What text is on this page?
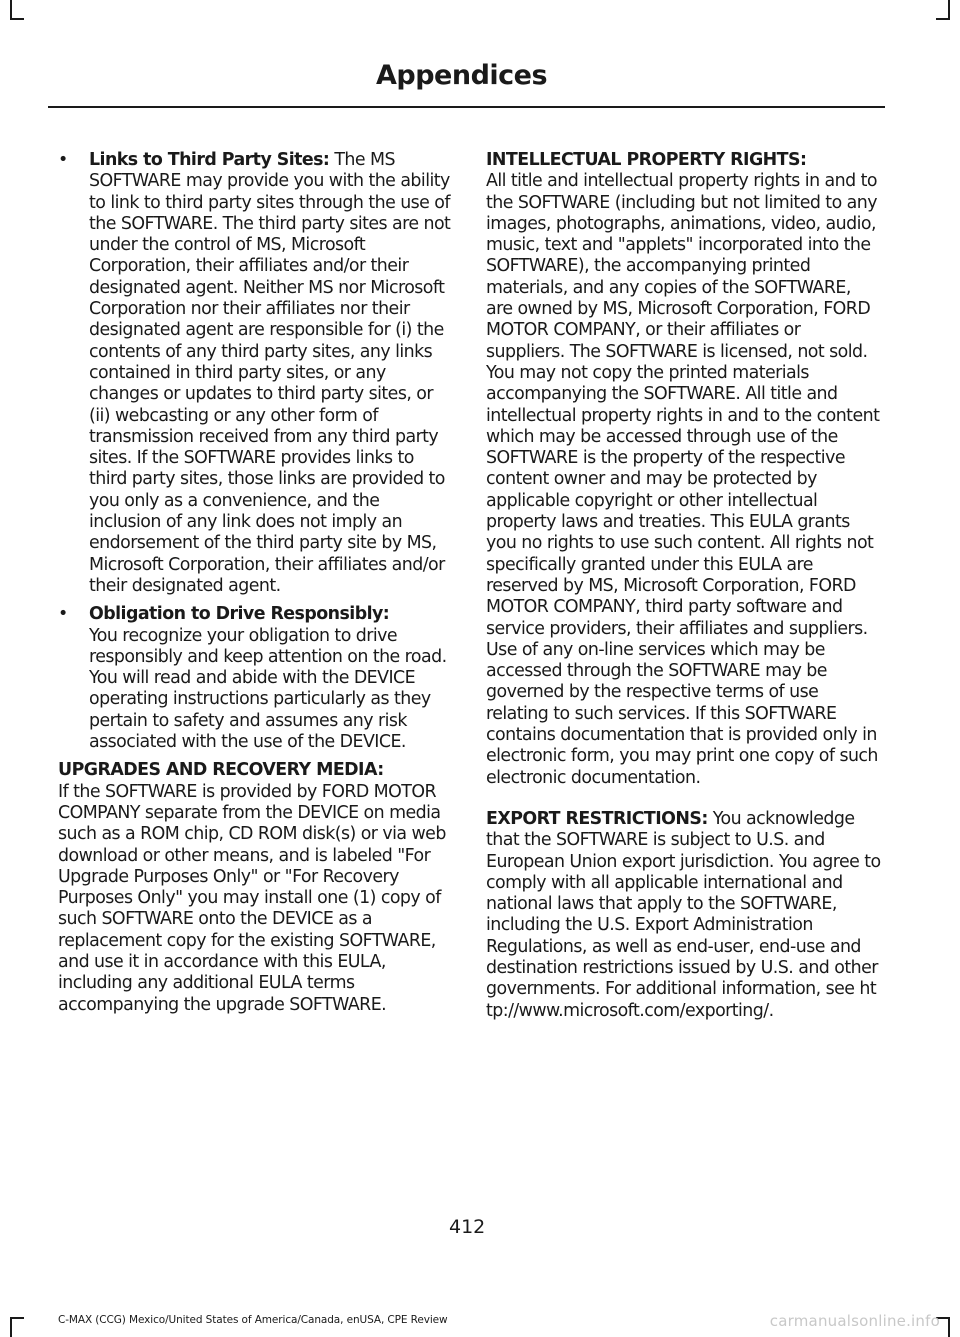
Appendices
• Links to Third Party Sites: The MS SOFTWARE may provide you with the ability to link to third party sites through the use of the SOFTWARE. The third party sites are not under the control of MS, Microsoft Corporation, their affiliates and/or their designated agent. Neither MS nor Microsoft Corporation nor their affiliates nor their designated agent are responsible for (i) the contents of any third party sites, any links contained in third party sites, or any changes or updates to third party sites, or (ii) webcasting or any other form of transmission received from any third party sites. If the SOFTWARE provides links to third party sites, those links are provided to you only as a convenience, and the inclusion of any link does not imply an endorsement of the third party site by MS, Microsoft Corporation, their affiliates and/or their designated agent.
• Obligation to Drive Responsibly:
You recognize your obligation to drive responsibly and keep attention on the road. You will read and abide with the DEVICE operating instructions particularly as they pertain to safety and assumes any risk associated with the use of the DEVICE.
UPGRADES AND RECOVERY MEDIA:
If the SOFTWARE is provided by FORD MOTOR COMPANY separate from the DEVICE on media such as a ROM chip, CD ROM disk(s) or via web download or other means, and is labeled "For Upgrade Purposes Only" or "For Recovery Purposes Only" you may install one (1) copy of such SOFTWARE onto the DEVICE as a replacement copy for the existing SOFTWARE, and use it in accordance with this EULA, including any additional EULA terms accompanying the upgrade SOFTWARE.
INTELLECTUAL PROPERTY RIGHTS:
All title and intellectual property rights in and to the SOFTWARE (including but not limited to any images, photographs, animations, video, audio, music, text and "applets" incorporated into the SOFTWARE), the accompanying printed materials, and any copies of the SOFTWARE, are owned by MS, Microsoft Corporation, FORD MOTOR COMPANY, or their affiliates or suppliers. The SOFTWARE is licensed, not sold. You may not copy the printed materials accompanying the SOFTWARE. All title and intellectual property rights in and to the content which may be accessed through use of the SOFTWARE is the property of the respective content owner and may be protected by applicable copyright or other intellectual property laws and treaties. This EULA grants you no rights to use such content. All rights not specifically granted under this EULA are reserved by MS, Microsoft Corporation, FORD MOTOR COMPANY, third party software and service providers, their affiliates and suppliers. Use of any on-line services which may be accessed through the SOFTWARE may be governed by the respective terms of use relating to such services. If this SOFTWARE contains documentation that is provided only in electronic form, you may print one copy of such electronic documentation.
EXPORT RESTRICTIONS: You acknowledge that the SOFTWARE is subject to U.S. and European Union export jurisdiction. You agree to comply with all applicable international and national laws that apply to the SOFTWARE, including the U.S. Export Administration Regulations, as well as end-user, end-use and destination restrictions issued by U.S. and other governments. For additional information, see http://www.microsoft.com/exporting/.
412
C-MAX (CCG) Mexico/United States of America/Canada, enUSA, CPE Review	carmanualsonline.info
